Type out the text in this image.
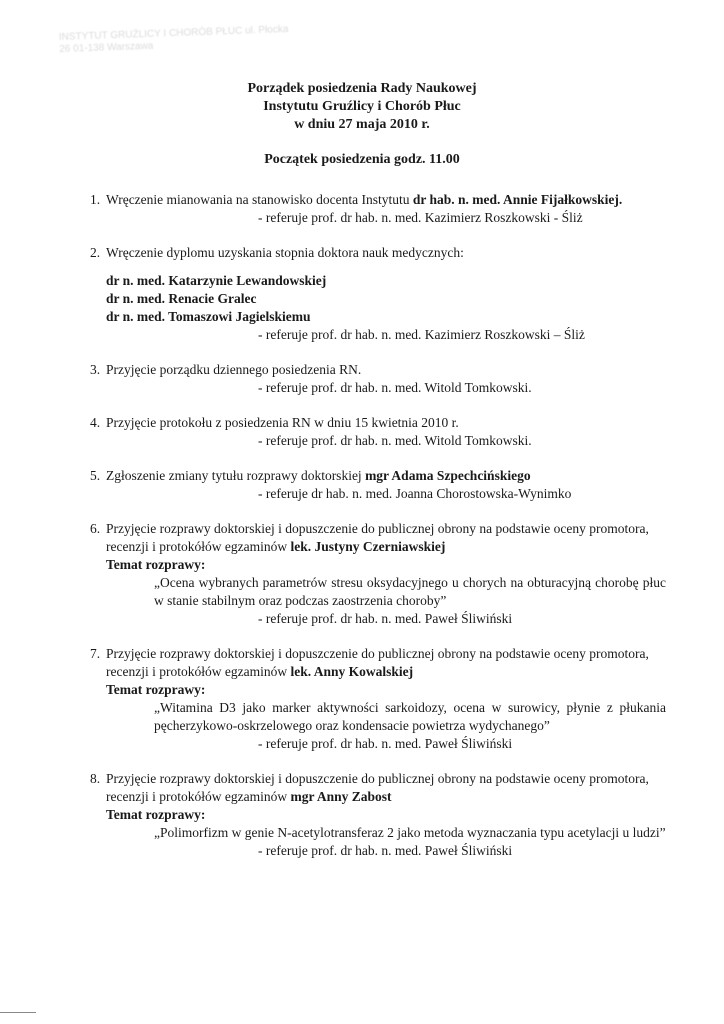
INSTYTUT GRUŹLICY I CHORÓB PŁUC ul. Płocka 26 01-138 Warszawa
Porządek posiedzenia Rady Naukowej
Instytutu Gruźlicy i Chorób Płuc
w dniu 27 maja 2010 r.
Początek posiedzenia godz. 11.00
1. Wręczenie mianowania na stanowisko docenta Instytutu dr hab. n. med. Annie Fijałkowskiej.
- referuje prof. dr hab. n. med. Kazimierz Roszkowski - Śliż
2. Wręczenie dyplomu uzyskania stopnia doktora nauk medycznych:
dr n. med. Katarzynie Lewandowskiej
dr n. med. Renacie Gralec
dr n. med. Tomaszowi Jagielskiemu
- referuje prof. dr hab. n. med. Kazimierz Roszkowski – Śliż
3. Przyjęcie porządku dziennego posiedzenia RN.
- referuje prof. dr hab. n. med. Witold Tomkowski.
4. Przyjęcie protokołu z posiedzenia RN w dniu 15 kwietnia 2010 r.
- referuje prof. dr hab. n. med. Witold Tomkowski.
5. Zgłoszenie zmiany tytułu rozprawy doktorskiej mgr Adama Szpechcińskiego
- referuje dr hab. n. med. Joanna Chorostowska-Wynimko
6. Przyjęcie rozprawy doktorskiej i dopuszczenie do publicznej obrony na podstawie oceny promotora, recenzji i protokółów egzaminów lek. Justyny Czerniawskiej
Temat rozprawy:
„Ocena wybranych parametrów stresu oksydacyjnego u chorych na obturacyjną chorobę płuc w stanie stabilnym oraz podczas zaostrzenia choroby”
- referuje prof. dr hab. n. med. Paweł Śliwiński
7. Przyjęcie rozprawy doktorskiej i dopuszczenie do publicznej obrony na podstawie oceny promotora, recenzji i protokółów egzaminów lek. Anny Kowalskiej
Temat rozprawy:
„Witamina D3 jako marker aktywności sarkoidozy, ocena w surowicy, płynie z płukania pęcherzykowo-oskrzelowego oraz kondensacie powietrza wydychanego”
- referuje prof. dr hab. n. med. Paweł Śliwiński
8. Przyjęcie rozprawy doktorskiej i dopuszczenie do publicznej obrony na podstawie oceny promotora, recenzji i protokółów egzaminów mgr Anny Zabost
Temat rozprawy:
„Polimorfizm w genie N-acetylotransferaz 2 jako metoda wyznaczania typu acetylacji u ludzi”
- referuje prof. dr hab. n. med. Paweł Śliwiński
